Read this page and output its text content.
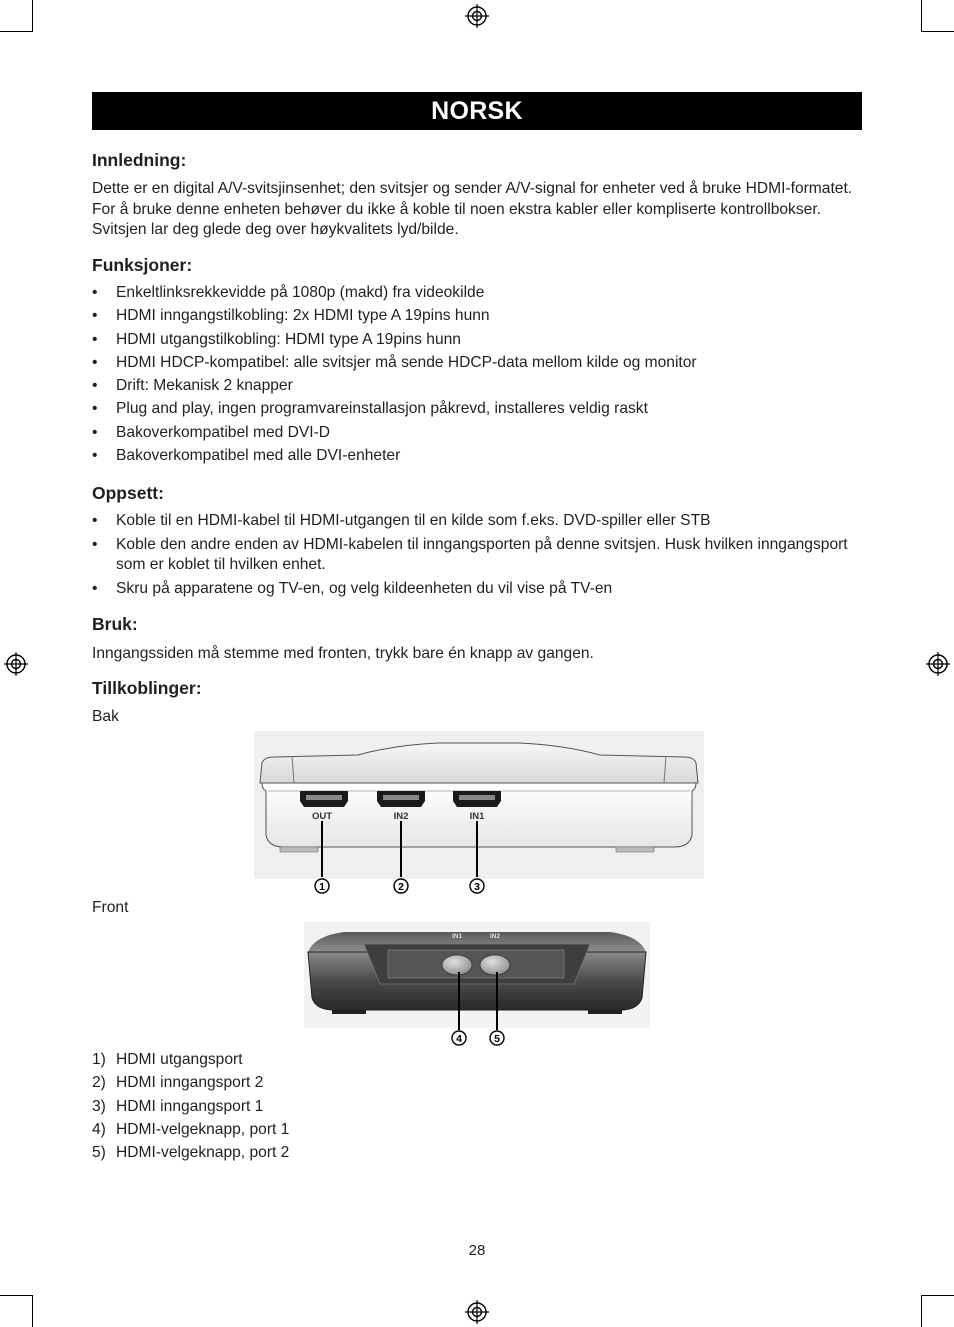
NORSK
Innledning:

Dette er en digital A/V-svitsjinsenhet; den svitsjer og sender A/V-signal for enheter ved å bruke HDMI-formatet. For å bruke denne enheten behøver du ikke å koble til noen ekstra kabler eller kompliserte kontrollbokser. Svitsjen lar deg glede deg over høykvalitets lyd/bilde.

Funksjoner:
• Enkeltlinksrekkevidde på 1080p (makd) fra videokilde
• HDMI inngangstilkobling: 2x HDMI type A 19pins hunn
• HDMI utgangstilkobling: HDMI type A 19pins hunn
• HDMI HDCP-kompatibel: alle svitsjer må sende HDCP-data mellom kilde og monitor
• Drift: Mekanisk 2 knapper
• Plug and play, ingen programvareinstallasjon påkrevd, installeres veldig raskt
• Bakoverkompatibel med DVI-D
• Bakoverkompatibel med alle DVI-enheter
Oppsett:
• Koble til en HDMI-kabel til HDMI-utgangen til en kilde som f.eks. DVD-spiller eller STB
• Koble den andre enden av HDMI-kabelen til inngangsporten på denne svitsjen. Husk hvilken inngangsport som er koblet til hvilken enhet.
• Skru på apparatene og TV-en, og velg kildeenheten du vil vise på TV-en
Bruk:

Inngangssiden må stemme med fronten, trykk bare én knapp av gangen.

Tillkoblinger:
Bak
OUT	IN2	IN1
1	2	3
Front
IN1	IN2
4	5
1) HDMI utgangsport
2) HDMI inngangsport 2
3) HDMI inngangsport 1
4) HDMI-velgeknapp, port 1
5) HDMI-velgeknapp, port 2
28
